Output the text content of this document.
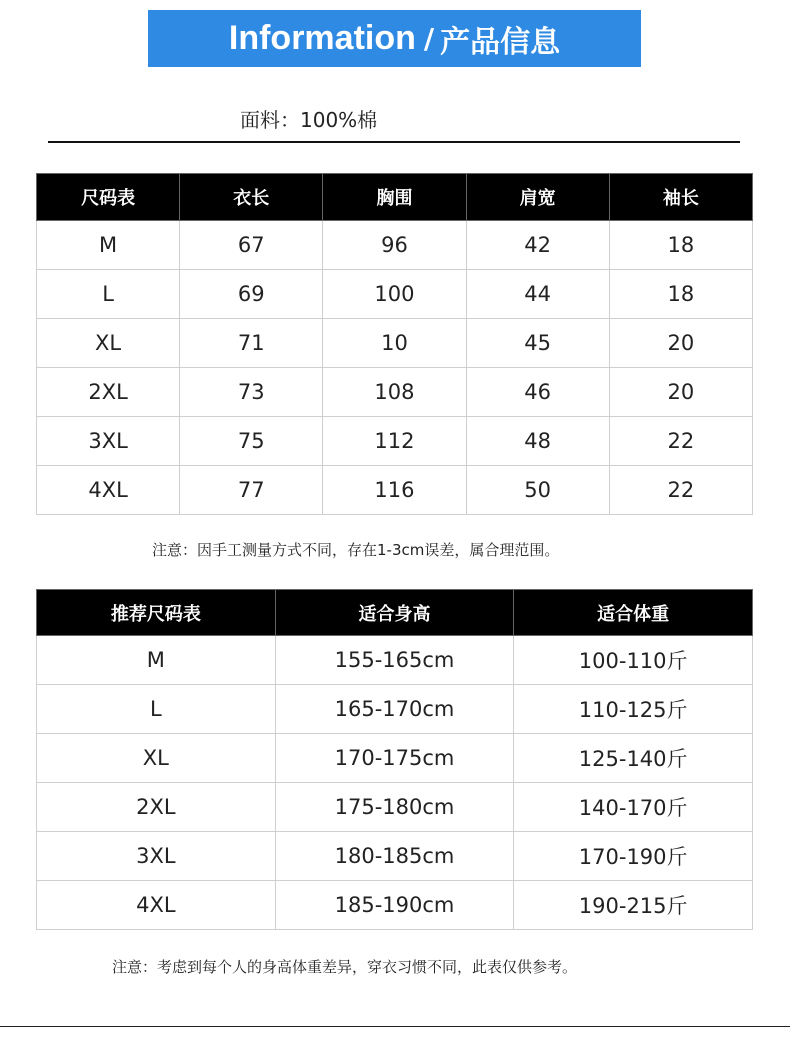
Information / 产品信息
面料：100%棉
尺码表	衣长	胸围	肩宽	袖长
M	67	96	42	18
L	69	100	44	18
XL	71	10	45	20
2XL	73	108	46	20
3XL	75	112	48	22
4XL	77	116	50	22
注意：因手工测量方式不同，存在1-3cm误差，属合理范围。
推荐尺码表	适合身高	适合体重
M	155-165cm	100-110斤
L	165-170cm	110-125斤
XL	170-175cm	125-140斤
2XL	175-180cm	140-170斤
3XL	180-185cm	170-190斤
4XL	185-190cm	190-215斤
注意：考虑到每个人的身高体重差异，穿衣习惯不同，此表仅供参考。
